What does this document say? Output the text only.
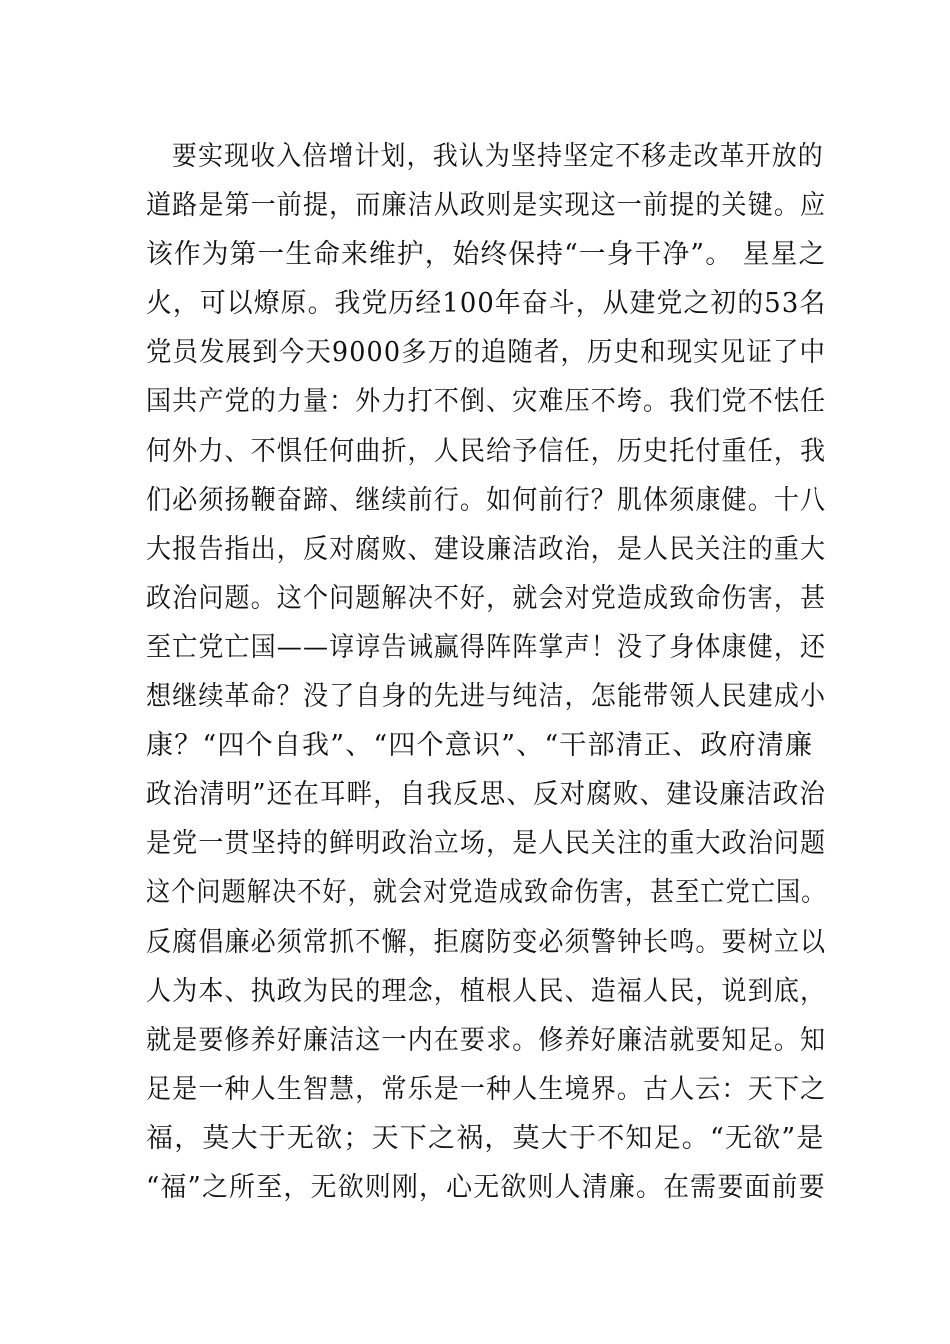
要实现收入倍增计划，我认为坚持坚定不移走改革开放的
道路是第一前提，而廉洁从政则是实现这一前提的关键。应
该作为第一生命来维护，始终保持“一身干净”。 星星之
火，可以燎原。我党历经100年奋斗，从建党之初的53名
党员发展到今天9000多万的追随者，历史和现实见证了中
国共产党的力量：外力打不倒、灾难压不垮。我们党不怯任
何外力、不惧任何曲折，人民给予信任，历史托付重任，我
们必须扬鞭奋蹄、继续前行。如何前行？肌体须康健。十八
大报告指出，反对腐败、建设廉洁政治，是人民关注的重大
政治问题。这个问题解决不好，就会对党造成致命伤害，甚
至亡党亡国——谆谆告诫赢得阵阵掌声！没了身体康健，还
想继续革命？没了自身的先进与纯洁，怎能带领人民建成小
康？“四个自我”、“四个意识”、“干部清正、政府清廉
政治清明”还在耳畔，自我反思、反对腐败、建设廉洁政治
是党一贯坚持的鲜明政治立场，是人民关注的重大政治问题
这个问题解决不好，就会对党造成致命伤害，甚至亡党亡国。
反腐倡廉必须常抓不懈，拒腐防变必须警钟长鸣。要树立以
人为本、执政为民的理念，植根人民、造福人民，说到底，
就是要修养好廉洁这一内在要求。修养好廉洁就要知足。知
足是一种人生智慧，常乐是一种人生境界。古人云：天下之
福，莫大于无欲；天下之祸，莫大于不知足。“无欲”是
“福”之所至，无欲则刚，心无欲则人清廉。在需要面前要
